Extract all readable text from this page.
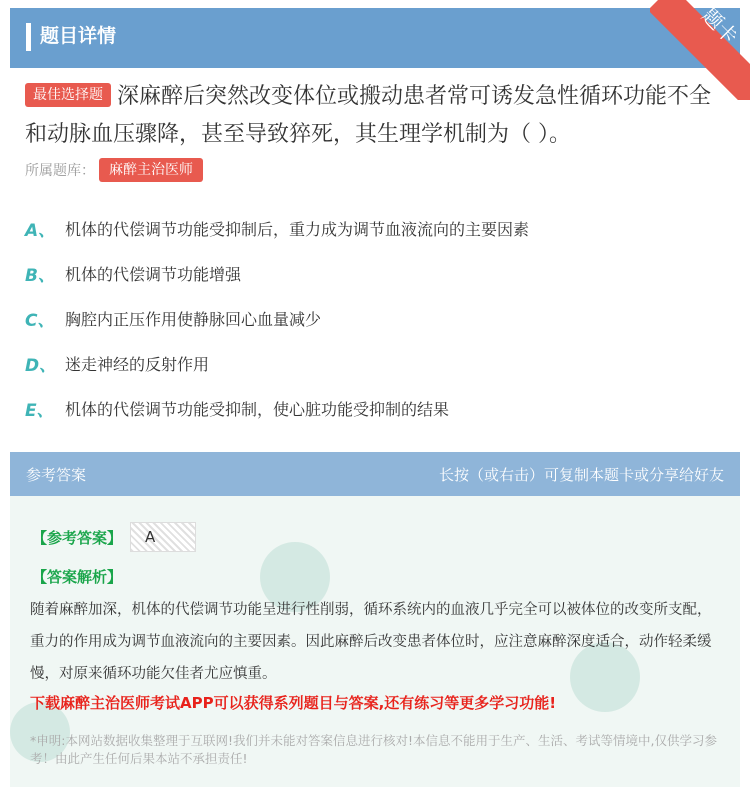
题目详情	题卡
最佳选择题 深麻醉后突然改变体位或搬动患者常可诱发急性循环功能不全和动脉血压骤降，甚至导致猝死，其生理学机制为（ ）。
所属题库：	麻醉主治医师
A、 机体的代偿调节功能受抑制后，重力成为调节血液流向的主要因素
B、 机体的代偿调节功能增强
C、 胸腔内正压作用使静脉回心血量减少
D、 迷走神经的反射作用
E、 机体的代偿调节功能受抑制，使心脏功能受抑制的结果
参考答案	长按（或右击）可复制本题卡或分享给好友
【参考答案】	A
【答案解析】
随着麻醉加深，机体的代偿调节功能呈进行性削弱，循环系统内的血液几乎完全可以被体位的改变所支配，重力的作用成为调节血液流向的主要因素。因此麻醉后改变患者体位时，应注意麻醉深度适合，动作轻柔缓慢，对原来循环功能欠佳者尤应慎重。
下载麻醉主治医师考试APP可以获得系列题目与答案,还有练习等更多学习功能!
*申明:本网站数据收集整理于互联网!我们并未能对答案信息进行核对!本信息不能用于生产、生活、考试等情境中,仅供学习参考！由此产生任何后果本站不承担责任!
